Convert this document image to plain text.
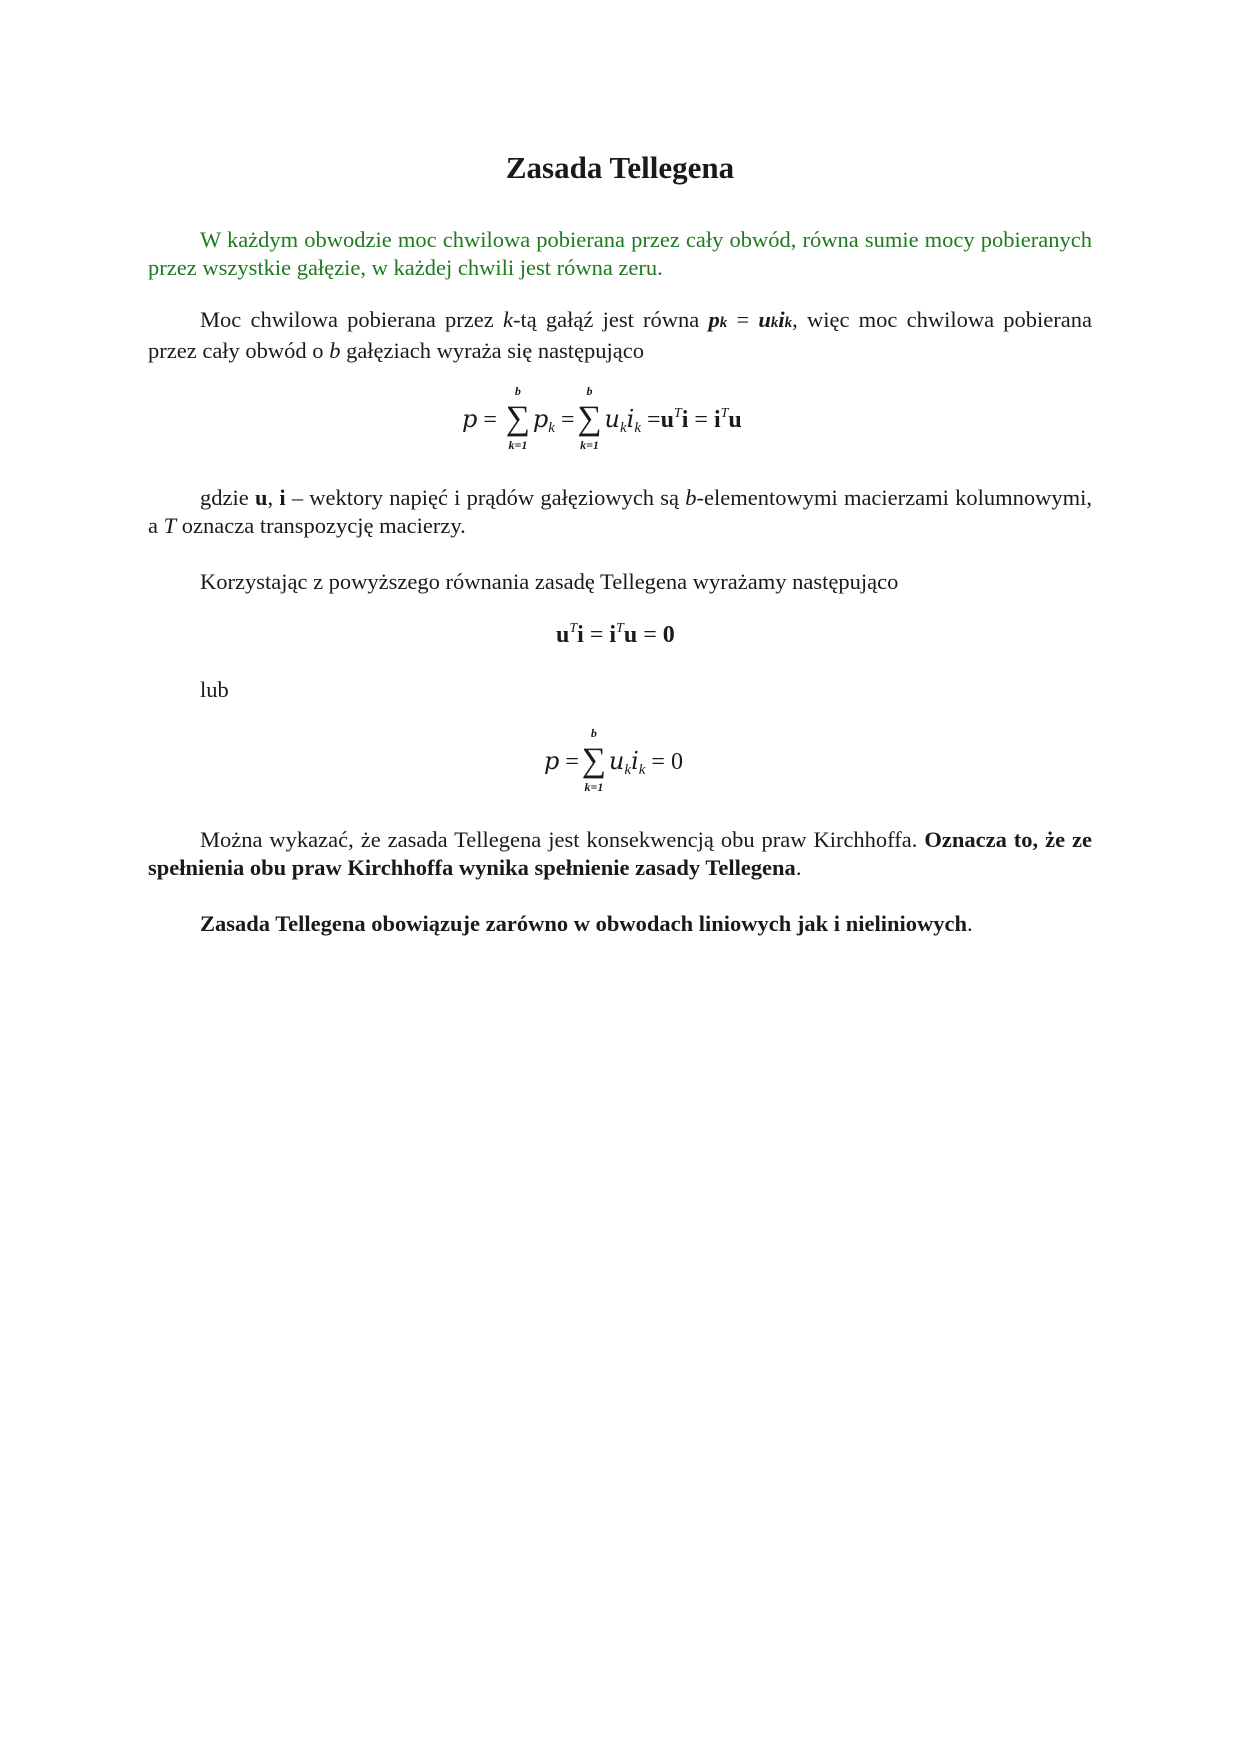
Zasada Tellegena

W każdym obwodzie moc chwilowa pobierana przez cały obwód, równa sumie mocy pobieranych przez wszystkie gałęzie, w każdej chwili jest równa zeru.

Moc chwilowa pobierana przez k-tą gałąź jest równa pk = ukik, więc moc chwilowa pobierana przez cały obwód o b gałęziach wyraża się następująco

p = ∑
b
k=1
$p_k$ =∑
b
k=1
$u_ki_k =u^Ti = i^Tu$

gdzie u, i – wektory napięć i prądów gałęziowych są b-elementowymi macierzami kolumnowymi, a T oznacza transpozycję macierzy.

Korzystając z powyższego równania zasadę Tellegena wyrażamy następująco
$u^Ti = i^Tu = 0$
lub
p =∑
b
k=1
$u_ki_k = 0$

Można wykazać, że zasada Tellegena jest konsekwencją obu praw Kirchhoffa. Oznacza to, że ze spełnienia obu praw Kirchhoffa wynika spełnienie zasady Tellegena.

Zasada Tellegena obowiązuje zarówno w obwodach liniowych jak i nieliniowych.
